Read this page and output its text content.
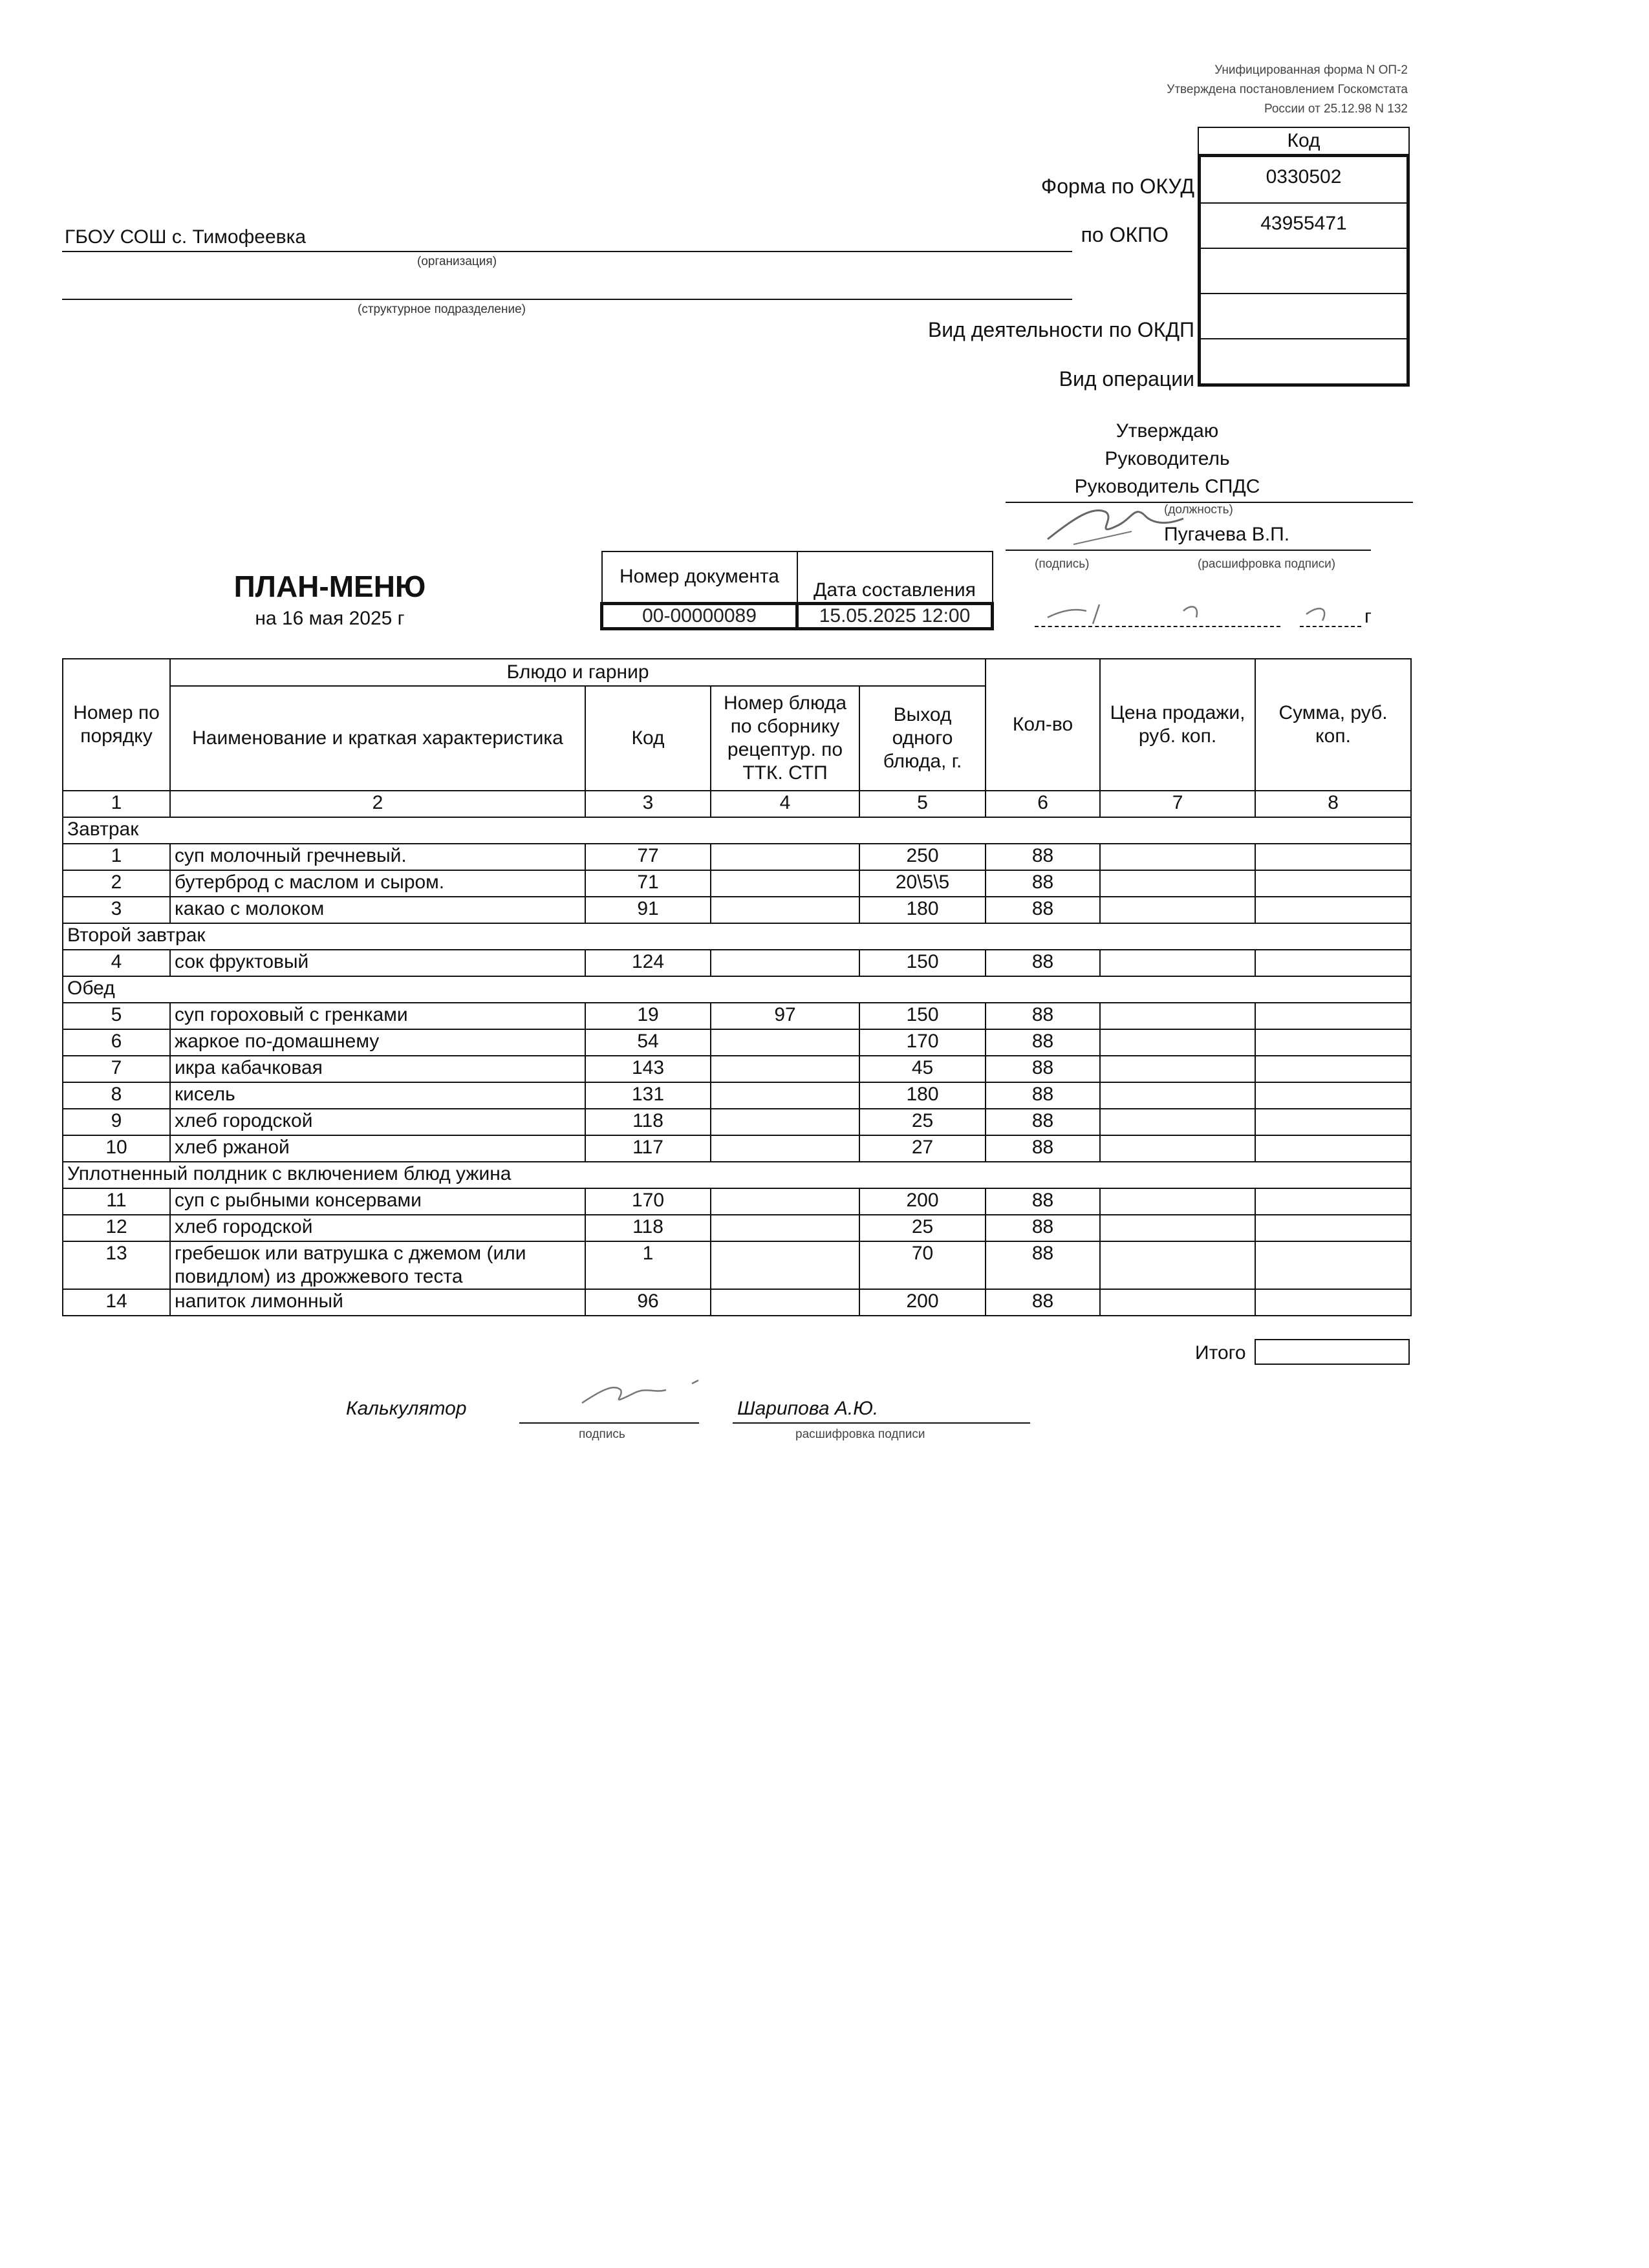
Унифицированная форма N ОП-2
Утверждена постановлением Госкомстата
России от 25.12.98 N 132
Код
0330502
43955471
Форма по ОКУД
по ОКПО
Вид деятельности по ОКДП
Вид операции
ГБОУ СОШ с. Тимофеевка
(организация)
(структурное подразделение)
Утверждаю
Руководитель
Руководитель СПДС
(должность)
Пугачева В.П.
(подпись)	(расшифровка подписи)
г
ПЛАН-МЕНЮ
на 16 мая 2025 г
Номер документа	Дата составления
00-00000089	15.05.2025 12:00
Номер по порядку	Блюдо и гарнир				Кол-во	Цена продажи, руб. коп.	Сумма, руб. коп.
	Наименование и краткая характеристика	Код	Номер блюда по сборнику рецептур. по ТТК. СТП	Выход одного блюда, г.			
1	2	3	4	5	6	7	8
Завтрак							
1	суп молочный гречневый.	77		250	88		
2	бутерброд с маслом и сыром.	71		20\5\5	88		
3	какао с молоком	91		180	88		
Второй завтрак							
4	сок фруктовый	124		150	88		
Обед							
5	суп гороховый с гренками	19	97	150	88		
6	жаркое по-домашнему	54		170	88		
7	икра кабачковая	143		45	88		
8	кисель	131		180	88		
9	хлеб городской	118		25	88		
10	хлеб ржаной	117		27	88		
Уплотненный полдник с включением блюд ужина							
11	суп с рыбными консервами	170		200	88		
12	хлеб городской	118		25	88		
13	гребешок или ватрушка с джемом (или повидлом) из дрожжевого теста	1		70	88		
14	напиток лимонный	96		200	88		
Итого
Калькулятор	Шарипова А.Ю.
подпись	расшифровка подписи
